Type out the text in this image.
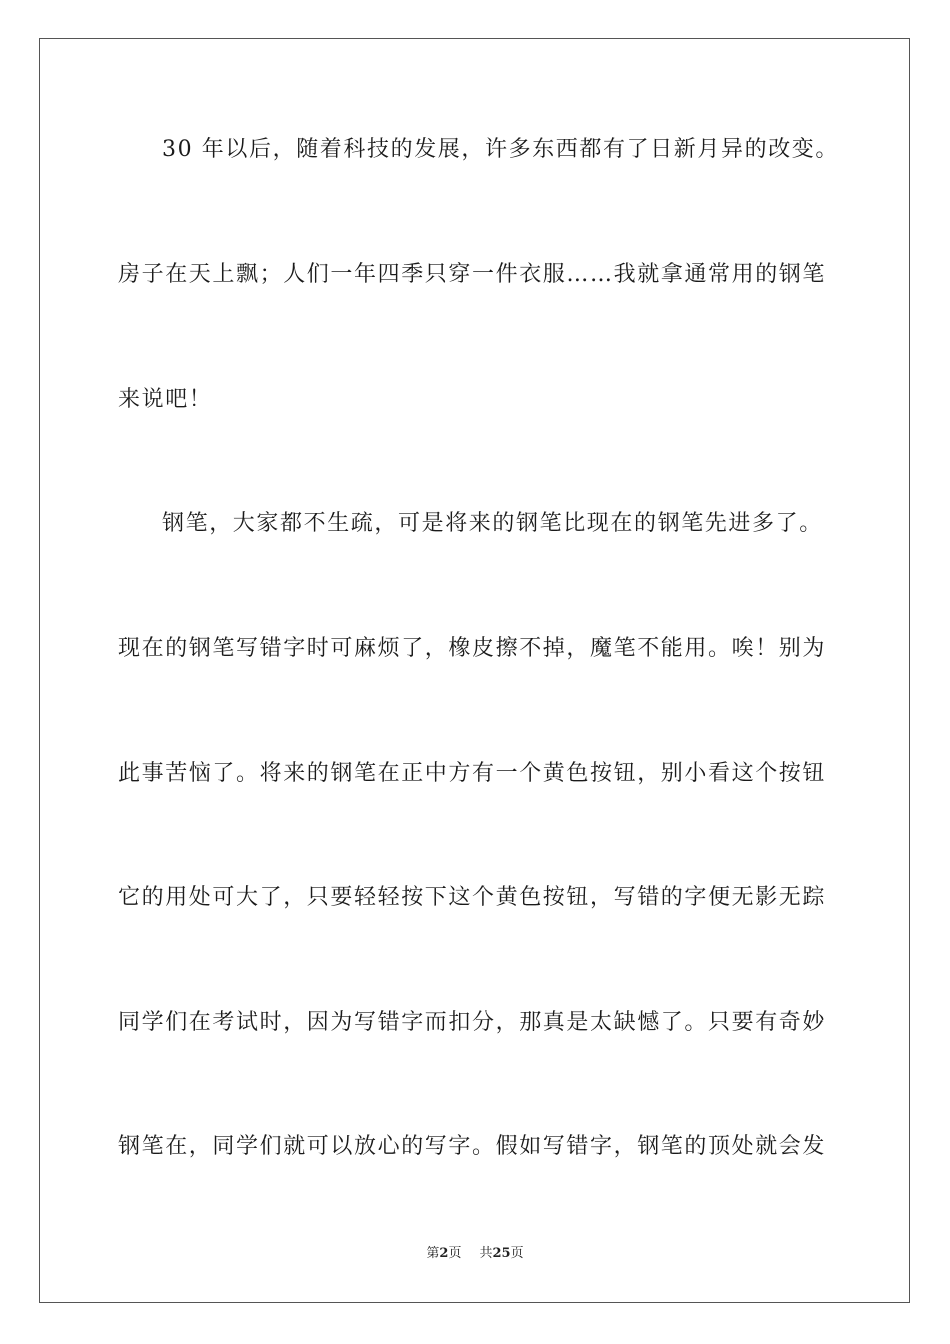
30 年以后，随着科技的发展，许多东西都有了日新月异的改变。
房子在天上飘；人们一年四季只穿一件衣服……我就拿通常用的钢笔
来说吧！
钢笔，大家都不生疏，可是将来的钢笔比现在的钢笔先进多了。
现在的钢笔写错字时可麻烦了，橡皮擦不掉，魔笔不能用。唉！别为
此事苦恼了。将来的钢笔在正中方有一个黄色按钮，别小看这个按钮
它的用处可大了，只要轻轻按下这个黄色按钮，写错的字便无影无踪
同学们在考试时，因为写错字而扣分，那真是太缺憾了。只要有奇妙
钢笔在，同学们就可以放心的写字。假如写错字，钢笔的顶处就会发
第2页 共25页
